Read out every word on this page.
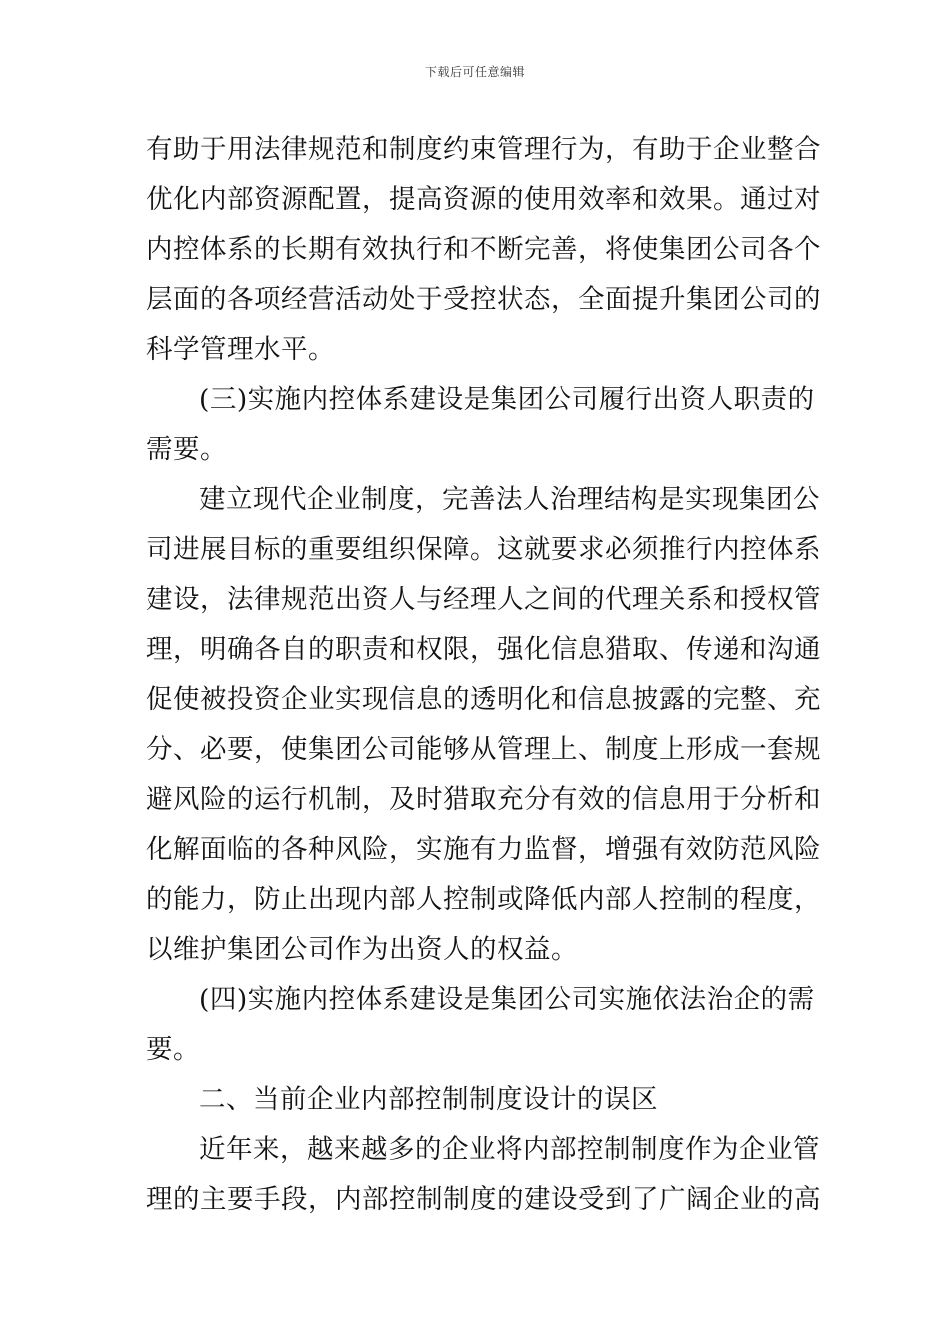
下载后可任意编辑
有助于用法律规范和制度约束管理行为，有助于企业整合
优化内部资源配置，提高资源的使用效率和效果。通过对
内控体系的长期有效执行和不断完善，将使集团公司各个
层面的各项经营活动处于受控状态，全面提升集团公司的
科学管理水平。
(三)实施内控体系建设是集团公司履行出资人职责的
需要。
建立现代企业制度，完善法人治理结构是实现集团公
司进展目标的重要组织保障。这就要求必须推行内控体系
建设，法律规范出资人与经理人之间的代理关系和授权管
理，明确各自的职责和权限，强化信息猎取、传递和沟通
促使被投资企业实现信息的透明化和信息披露的完整、充
分、必要，使集团公司能够从管理上、制度上形成一套规
避风险的运行机制，及时猎取充分有效的信息用于分析和
化解面临的各种风险，实施有力监督，增强有效防范风险
的能力，防止出现内部人控制或降低内部人控制的程度，
以维护集团公司作为出资人的权益。
(四)实施内控体系建设是集团公司实施依法治企的需
要。
二、当前企业内部控制制度设计的误区
近年来，越来越多的企业将内部控制制度作为企业管
理的主要手段，内部控制制度的建设受到了广阔企业的高
